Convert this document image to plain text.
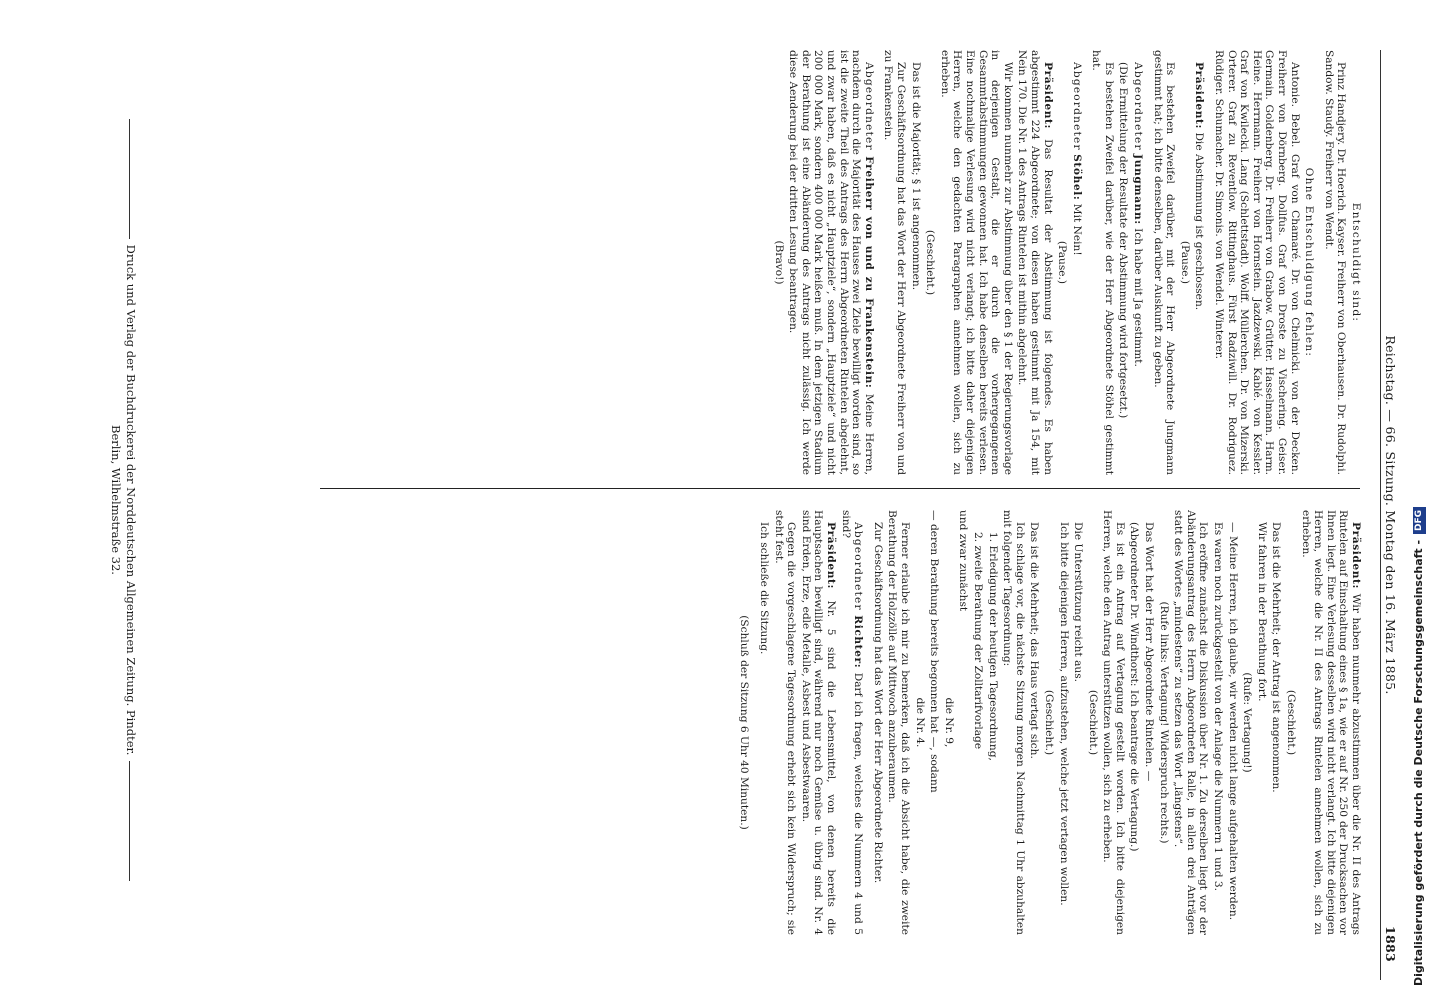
Reichstag. — 66. Sitzung. Montag den 16. März 1885.
1883

Entschuldigt sind:

Prinz Handjery. Dr. Hoerich. Kayser. Freiherr von Oberhausen. Dr. Rudolphi. Sandow. Staudy. Freiherr von Wendt.

Ohne Entschuldigung fehlen:

Antonie. Bebel. Graf von Chamaré. Dr. von Chelmicki. von der Decken. Freiherr von Dörnberg. Dollfus. Graf von Droste zu Vischering. Geiser. Germain. Goldenberg. Dr. Freiherr von Grabow. Grütter. Hasselmann. Harm. Heine. Herrmann. Freiherr von Hornstein. Jazdzewski. Kablé. von Kessler. Graf von Kwilecki. Lang (Schlettstadt). Wolff. Müllerchen. Dr. von Mizerski. Orterer. Graf zu Reventlow. Rittinghaus. Fürst Radziwill. Dr. Rodriguez. Rüdiger. Schumacher. Dr. Simonis. von Wendel. Winterer.

Präsident: Die Abstimmung ist geschlossen.

(Pause.)

Es bestehen Zweifel darüber, mit der Herr Abgeordnete Jungmann gestimmt hat; ich bitte denselben, darüber Auskunft zu geben.

Abgeordneter Jungmann: Ich habe mit Ja gestimmt.

(Die Ermittelung der Resultate der Abstimmung wird fortgesetzt.)

Es bestehen Zweifel darüber, wie der Herr Abgeordnete Stöhel gestimmt hat.

Abgeordneter Stöhel: Mit Nein!

(Pause.)

Präsident: Das Resultat der Abstimmung ist folgendes. Es haben abgestimmt 224 Abgeordnete; von diesen haben gestimmt mit Ja 154, mit Nein 170. Die Nr. 1 des Antrags Rintelen ist mithin abgelehnt.

Wir kommen nunmehr zur Abstimmung über den § 1 der Regierungsvorlage in derjenigen Gestalt, die er durch die vorhergegangenen Gesammtabstimmungen gewonnen hat. Ich habe denselben bereits verlesen. Eine nochmalige Verlesung wird nicht verlangt; ich bitte daher diejenigen Herren, welche den gedachten Paragraphen annehmen wollen, sich zu erheben.

(Geschieht.)

Das ist die Majorität; § 1 ist angenommen.

Zur Geschäftsordnung hat das Wort der Herr Abgeordnete Freiherr von und zu Frankenstein.

Abgeordneter Freiherr von und zu Frankenstein: Meine Herren, nachdem durch die Majorität des Hauses zwei Ziele bewilligt worden sind, so ist die zweite Theil des Antrags des Herrn Abgeordneten Rintelen abgelehnt, und zwar haben, daß es nicht „Hauptziele“, sondern „Hauptziele“ und nicht 200 000 Mark, sondern 400 000 Mark heißen muß. In dem jetzigen Stadium der Berathung ist eine Abänderung des Antrags nicht zulässig. Ich werde diese Aenderung bei der dritten Lesung beantragen.

(Bravo!)

Präsident: Wir haben nunmehr abzustimmen über die Nr. II des Antrags Rintelen auf Einschaltung eines § 1a, wie er auf Nr. 250 der Drucksachen vor Ihnen liegt. Eine Verlesung desselben wird nicht verlangt. Ich bitte diejenigen Herren, welche die Nr. II des Antrags Rintelen annehmen wollen, sich zu erheben.

(Geschieht.)

Das ist die Mehrheit; der Antrag ist angenommen.

Wir fahren in der Berathung fort.

(Rufe: Vertagung!)

— Meine Herren, ich glaube, wir werden nicht lange aufgehalten werden.

Es waren noch zurückgestellt von der Anlage die Nummern 1 und 3.

Ich eröffne zunächst die Diskussion über Nr. 1. Zu derselben liegt vor der Abänderungsantrag des Herrn Abgeordneten Ralle, in allen drei Anträgen statt des Wortes „mindestens“ zu setzen das Wort „längstens“.

(Rufe links: Vertagung! Widerspruch rechts.)

Das Wort hat der Herr Abgeordnete Rintelen. —

(Abgeordneter Dr. Windthorst: Ich beantrage die Vertagung.)

Es ist ein Antrag auf Vertagung gestellt worden. Ich bitte diejenigen Herren, welche den Antrag unterstützen wollen, sich zu erheben.

(Geschieht.)

Die Unterstützung reicht aus.

Ich bitte diejenigen Herren, aufzustehen, welche jetzt vertagen wollen.

(Geschieht.)

Das ist die Mehrheit; das Haus vertagt sich.

Ich schlage vor, die nächste Sitzung morgen Nachmittag 1 Uhr abzuhalten mit folgender Tagesordnung:

1. Erledigung der heutigen Tagesordnung,

2. zweite Berathung der Zolltarifvorlage

und zwar zunächst

die Nr. 9,

— deren Berathung bereits begonnen hat —, sodann

die Nr. 4.

Ferner erlaube ich mir zu bemerken, daß ich die Absicht habe, die zweite Berathung der Holzzölle auf Mittwoch anzuberaumen.

Zur Geschäftsordnung hat das Wort der Herr Abgeordnete Richter.

Abgeordneter Richter: Darf ich fragen, welches die Nummern 4 und 5 sind?

Präsident: Nr. 5 sind die Lebensmittel, von denen bereits die Hauptsachen bewilligt sind, während nur noch Gemüse u. übrig sind. Nr. 4 sind Erden, Erze, edle Metalle, Asbest und Asbestwaaren.

Gegen die vorgeschlagene Tagesordnung erhebt sich kein Widerspruch; sie steht fest.

Ich schließe die Sitzung.

(Schluß der Sitzung 6 Uhr 40 Minuten.)

Druck und Verlag der Buchdruckerei der Norddeutschen Allgemeinen Zeitung. Pindter.
Berlin, Wilhelmstraße 32.
Digitalisierung gefördert durch die Deutsche Forschungsgemeinschaft -DFG
